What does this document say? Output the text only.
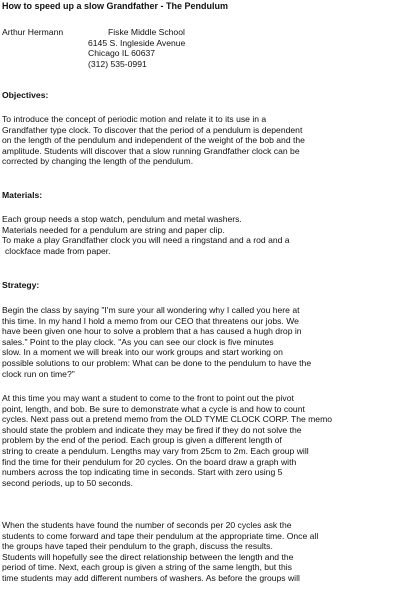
How to speed up a slow Grandfather - The Pendulum
Arthur Hermann	Fiske Middle School
6145 S. Ingleside Avenue
Chicago IL 60637
(312) 535-0991
Objectives:
To introduce the concept of periodic motion and relate it to its use in a
Grandfather type clock. To discover that the period of a pendulum is dependent
on the length of the pendulum and independent of the weight of the bob and the
amplitude. Students will discover that a slow running Grandfather clock can be
corrected by changing the length of the pendulum.
Materials:
Each group needs a stop watch, pendulum and metal washers.
Materials needed for a pendulum are string and paper clip.
To make a play Grandfather clock you will need a ringstand and a rod and a
clockface made from paper.
Strategy:
Begin the class by saying "I'm sure your all wondering why I called you here at
this time. In my hand I hold a memo from our CEO that threatens our jobs. We
have been given one hour to solve a problem that a has caused a hugh drop in
sales." Point to the play clock. "As you can see our clock is five minutes
slow. In a moment we will break into our work groups and start working on
possible solutions to our problem: What can be done to the pendulum to have the
clock run on time?"
At this time you may want a student to come to the front to point out the pivot
point, length, and bob. Be sure to demonstrate what a cycle is and how to count
cycles. Next pass out a pretend memo from the OLD TYME CLOCK CORP. The memo
should state the problem and indicate they may be fired if they do not solve the
problem by the end of the period. Each group is given a different length of
string to create a pendulum. Lengths may vary from 25cm to 2m. Each group will
find the time for their pendulum for 20 cycles. On the board draw a graph with
numbers across the top indicating time in seconds. Start with zero using 5
second periods, up to 50 seconds.
When the students have found the number of seconds per 20 cycles ask the
students to come forward and tape their pendulum at the appropriate time. Once all
the groups have taped their pendulum to the graph, discuss the results.
Students will hopefully see the direct relationship between the length and the
period of time. Next, each group is given a string of the same length, but this
time students may add different numbers of washers. As before the groups will
